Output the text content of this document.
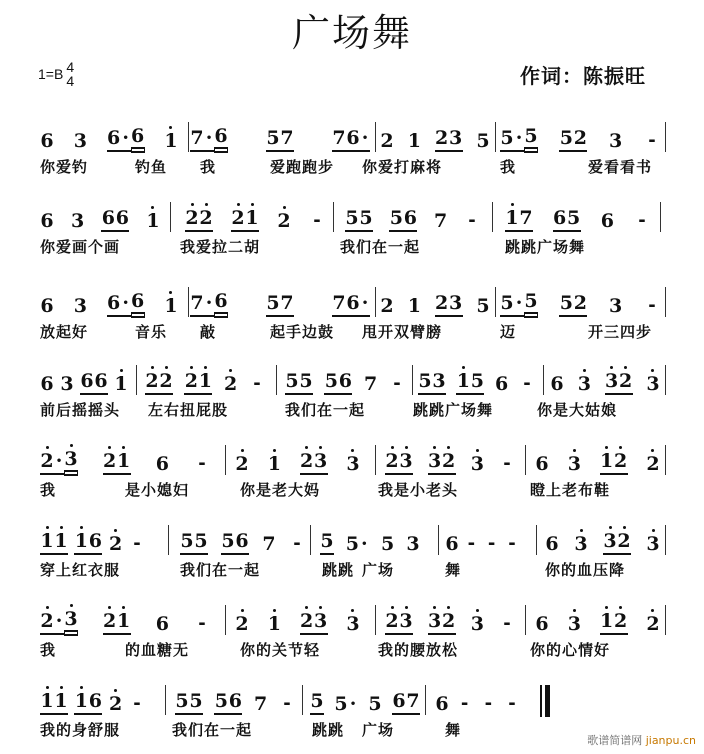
广场舞
1=B 4
4	作词：陈振旺
6 3 6 · 6 1 7 · 6 5 7 7 6 · 2 1 2 3 5 5 · 5 5 2 3 -
你爱钓	钓鱼 我	爱跑跑步 你爱打麻将	我	爱看看书
6 3 6 6 1 2 2 2 1 2 - 5 5 5 6 7 - 1 7 6 5 6 -
你爱画个画	我爱拉二胡	我们在一起	跳跳广场舞
6 3 6 · 6 1 7 · 6 5 7 7 6 · 2 1 2 3 5 5 · 5 5 2 3 -
放起好	音乐 敲	起手边鼓 甩开双臂膀	迈	开三四步
6 3 6 6 1 2 2 2 1 2 - 5 5 5 6 7 - 5 3 1 5 6 - 6 3 3 2 3
前后摇摇头 左右扭屁股	我们在一起	跳跳广场舞	你是大姑娘
2 · 3 2 1 6 - 2 1 2 3 3 2 3 3 2 3 - 6 3 1 2 2
我	是小媳妇	你是老大妈	我是小老头	瞪上老布鞋
1 1 1 6 2 - 5 5 5 6 7 - 5 5 · 5 3 6 - - - 6 3 3 2 3
穿上红衣服	我们在一起	跳跳 广场	舞	你的血压降
2 · 3 2 1 6 - 2 1 2 3 3 2 3 3 2 3 - 6 3 1 2 2
我	的血糖无	你的关节轻	我的腰放松	你的心情好
1 1 1 6 2 - 5 5 5 6 7 - 5 5 · 5 6 7 6 - - -
我的身舒服	我们在一起	跳跳 广场	舞
歌谱简谱网 jianpu.cn
